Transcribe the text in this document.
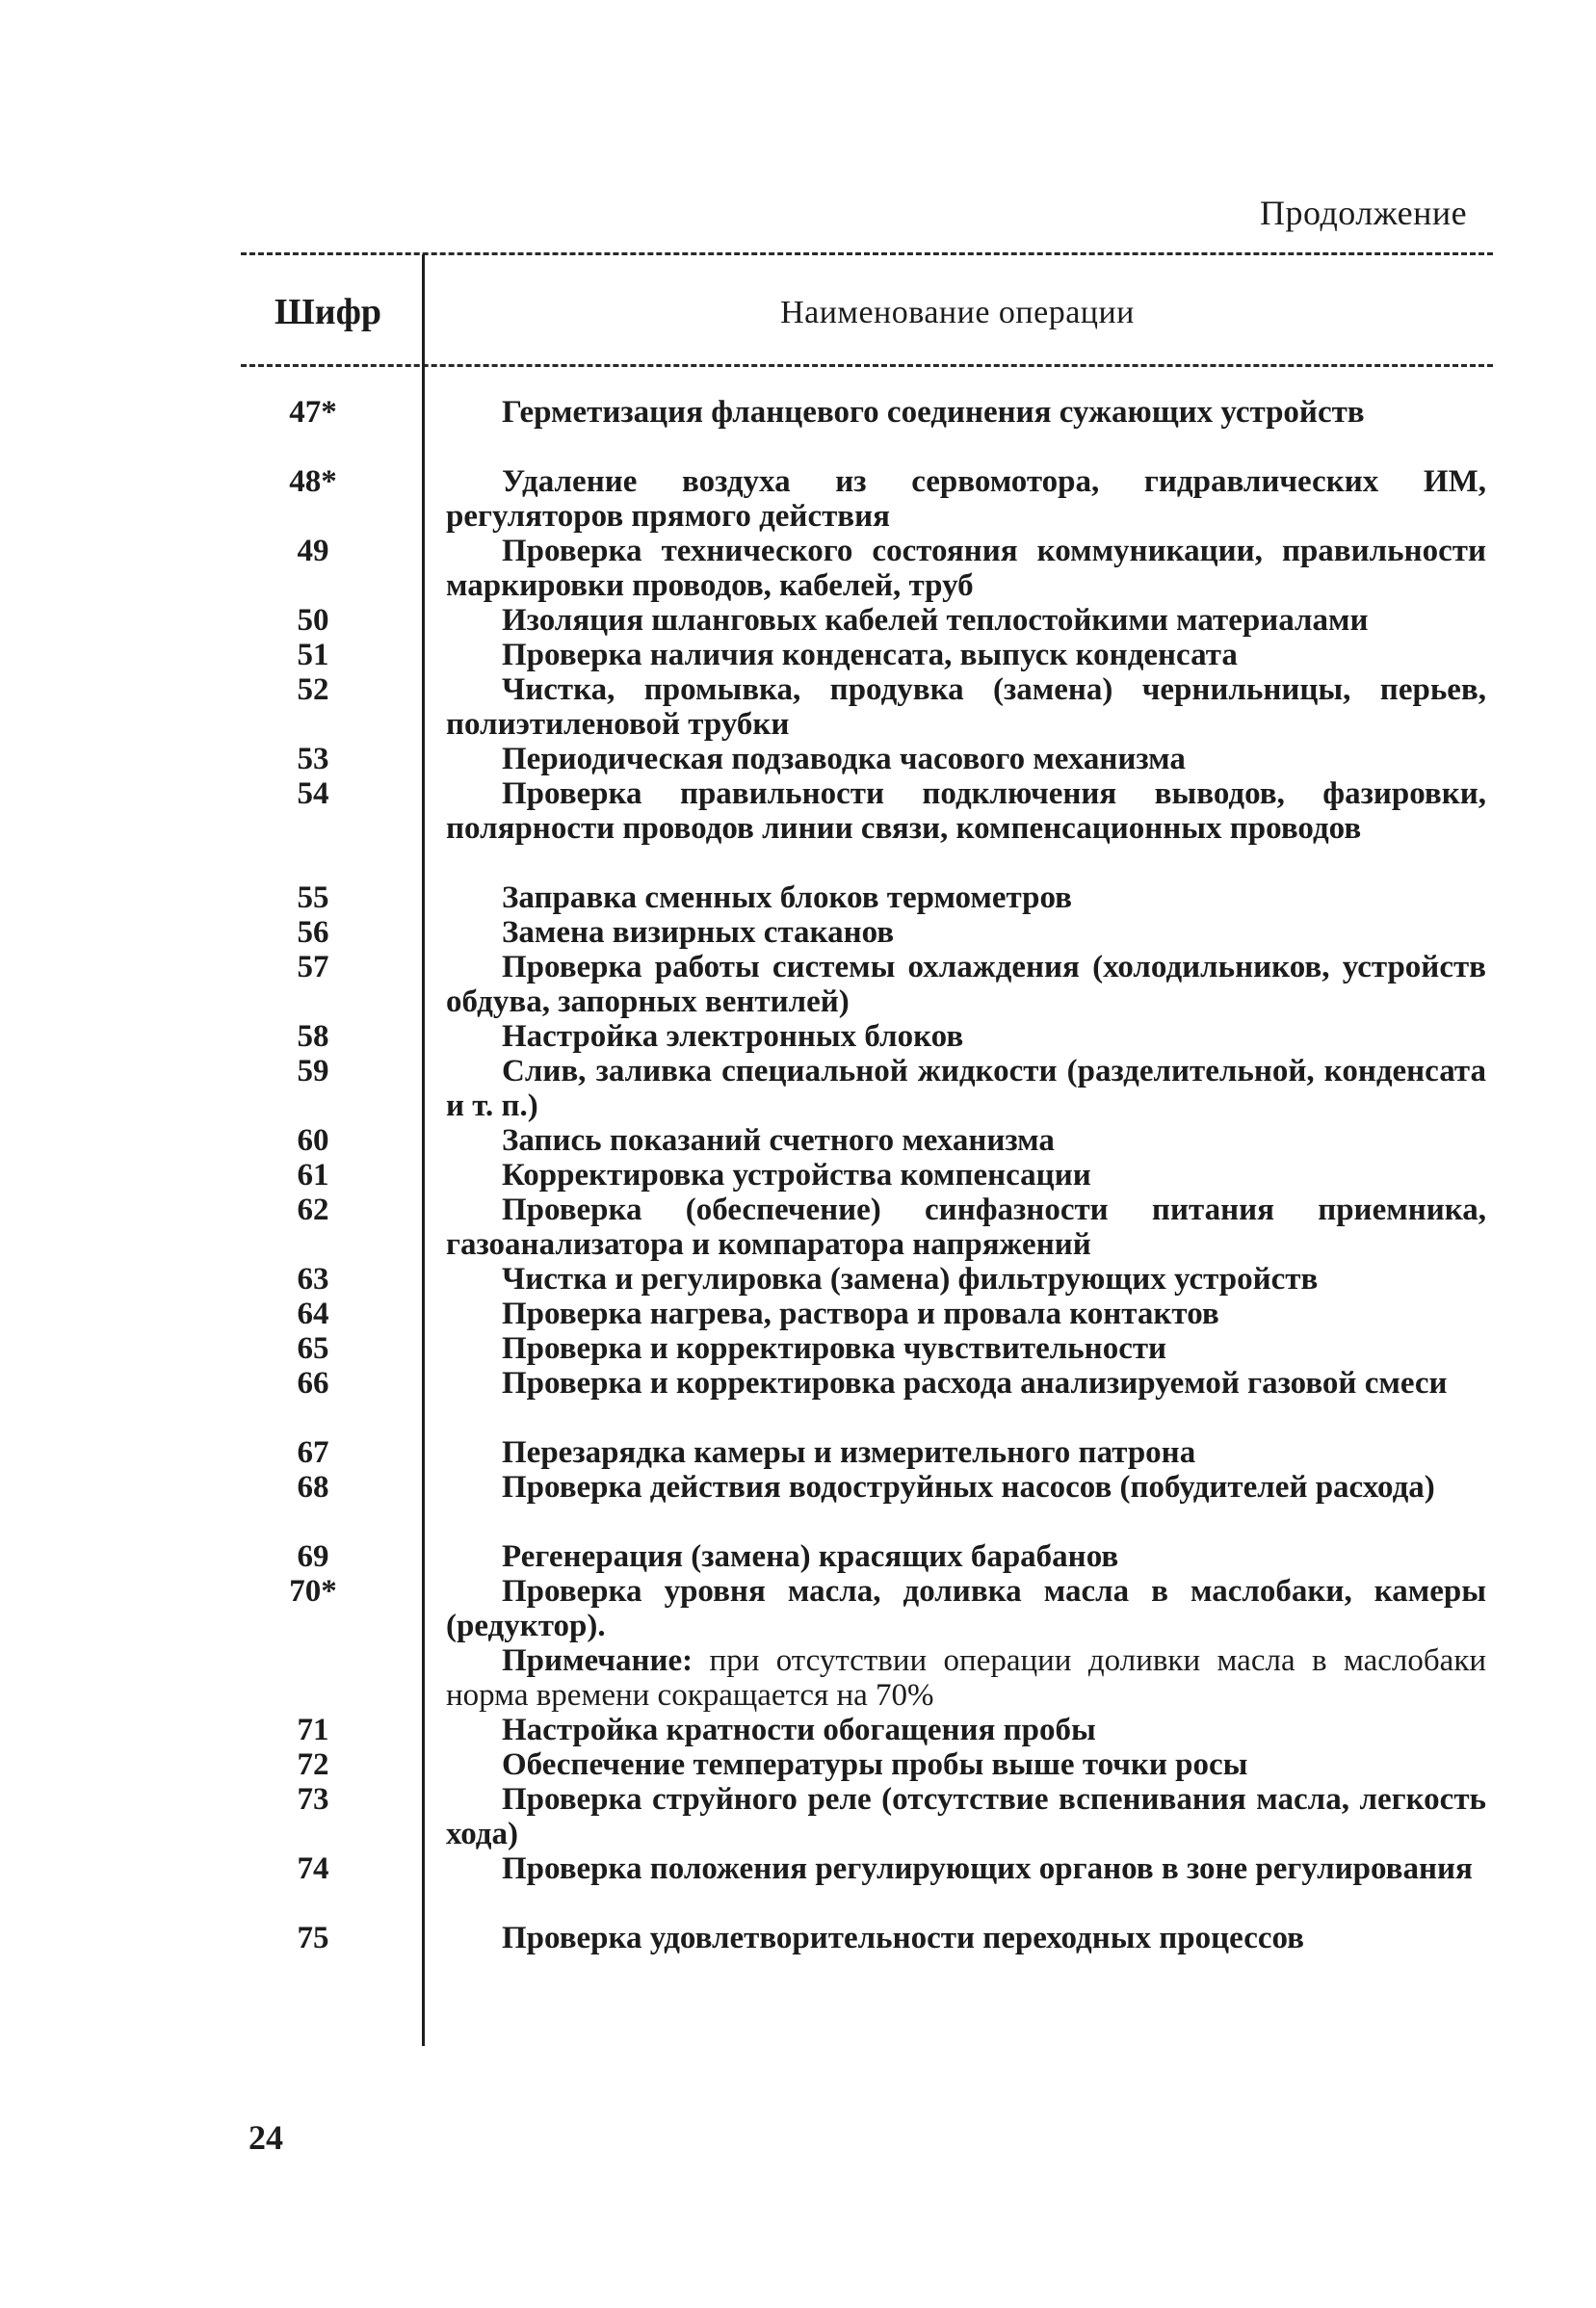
Продолжение
Шифр	Наименование операции
47*
48*
49
50
51
52
53
54
55
56
57
58
59
60
61
62
63
64
65
66
67
68
69
70*
71
72
73
74
75
Герметизация фланцевого соединения сужающих устройств
Удаление воздуха из сервомотора, гидравлических ИМ, регуляторов прямого действия
Проверка технического состояния коммуникации, правильности маркировки проводов, кабелей, труб
Изоляция шланговых кабелей теплостойкими материалами
Проверка наличия конденсата, выпуск конденсата
Чистка, промывка, продувка (замена) чернильницы, перьев, полиэтиленовой трубки
Периодическая подзаводка часового механизма
Проверка правильности подключения выводов, фазировки, полярности проводов линии связи, компенсационных проводов
Заправка сменных блоков термометров
Замена визирных стаканов
Проверка работы системы охлаждения (холодильников, устройств обдува, запорных вентилей)
Настройка электронных блоков
Слив, заливка специальной жидкости (разделительной, конденсата и т. п.)
Запись показаний счетного механизма
Корректировка устройства компенсации
Проверка (обеспечение) синфазности питания приемника, газоанализатора и компаратора напряжений
Чистка и регулировка (замена) фильтрующих устройств
Проверка нагрева, раствора и провала контактов
Проверка и корректировка чувствительности
Проверка и корректировка расхода анализируемой газовой смеси
Перезарядка камеры и измерительного патрона
Проверка действия водоструйных насосов (побудителей расхода)
Регенерация (замена) красящих барабанов
Проверка уровня масла, доливка масла в маслобаки, камеры (редуктор).
Примечание: при отсутствии операции доливки масла в маслобаки норма времени сокращается на 70%
Настройка кратности обогащения пробы
Обеспечение температуры пробы выше точки росы
Проверка струйного реле (отсутствие вспенивания масла, легкость хода)
Проверка положения регулирующих органов в зоне регулирования
Проверка удовлетворительности переходных процессов
24
